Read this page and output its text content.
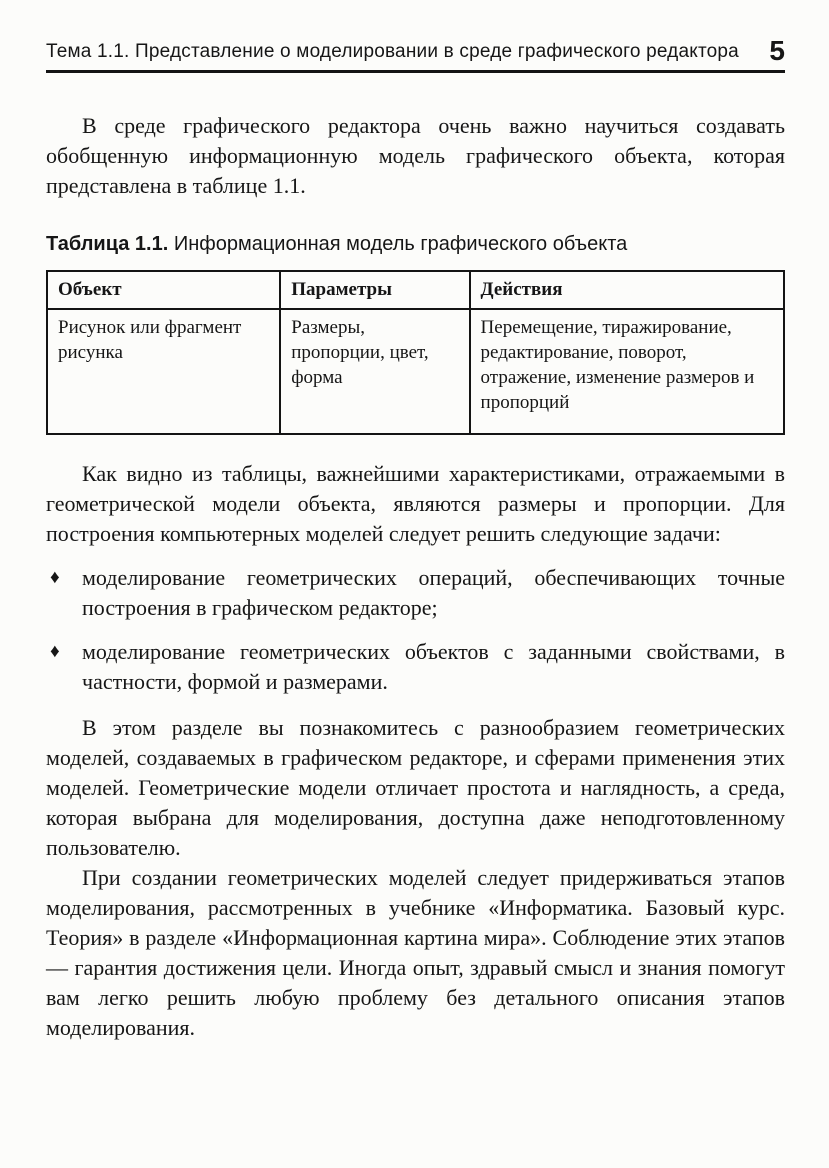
Тема 1.1. Представление о моделировании в среде графического редактора 5

В среде графического редактора очень важно научиться создавать обобщенную информационную модель графического объекта, которая представлена в таблице 1.1.

Таблица 1.1. Информационная модель графического объекта
Объект	Параметры	Действия
Рисунок или фрагмент рисунка	Размеры, пропорции, цвет, форма	Перемещение, тиражирование, редактирование, поворот, отражение, изменение размеров и пропорций

Как видно из таблицы, важнейшими характеристиками, отражаемыми в геометрической модели объекта, являются размеры и пропорции. Для построения компьютерных моделей следует решить следующие задачи:

♦	моделирование геометрических операций, обеспечивающих точные построения в графическом редакторе;
♦	моделирование геометрических объектов с заданными свойствами, в частности, формой и размерами.

В этом разделе вы познакомитесь с разнообразием геометрических моделей, создаваемых в графическом редакторе, и сферами применения этих моделей. Геометрические модели отличает простота и наглядность, а среда, которая выбрана для моделирования, доступна даже неподготовленному пользователю.

При создании геометрических моделей следует придерживаться этапов моделирования, рассмотренных в учебнике «Информатика. Базовый курс. Теория» в разделе «Информационная картина мира». Соблюдение этих этапов — гарантия достижения цели. Иногда опыт, здравый смысл и знания помогут вам легко решить любую проблему без детального описания этапов моделирования.
